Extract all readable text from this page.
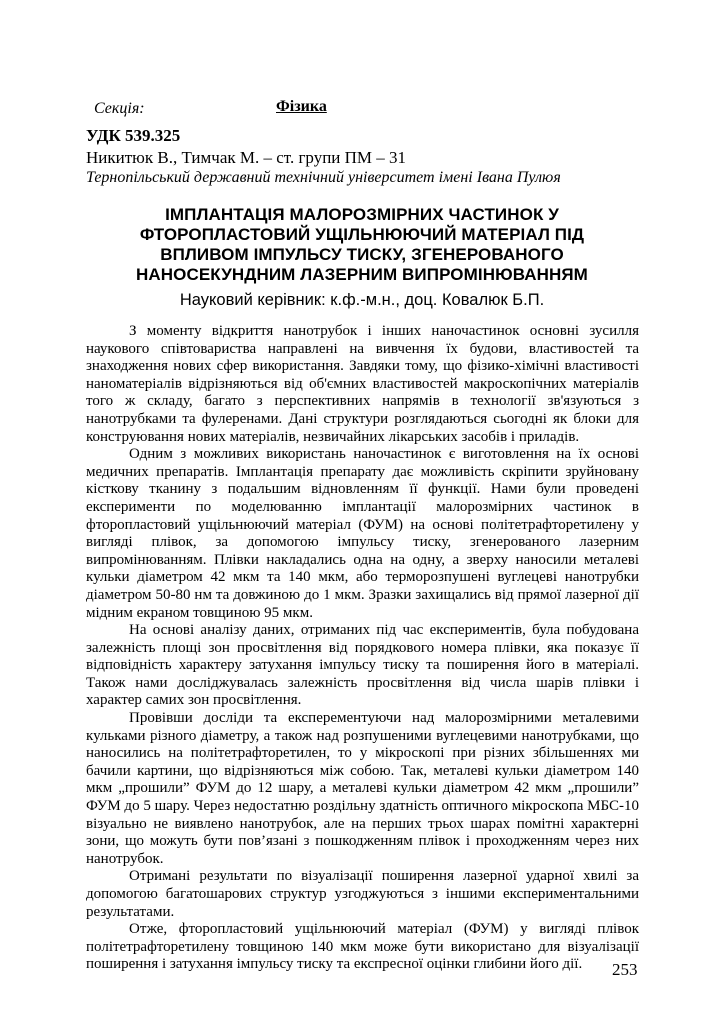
Секція:	Фізика
УДК 539.325
Никитюк В., Тимчак М. – ст. групи ПМ – 31
Тернопільський державний технічний університет імені Івана Пулюя
ІМПЛАНТАЦІЯ МАЛОРОЗМІРНИХ ЧАСТИНОК У
ФТОРОПЛАСТОВИЙ УЩІЛЬНЮЮЧИЙ МАТЕРІАЛ ПІД
ВПЛИВОМ ІМПУЛЬСУ ТИСКУ, ЗГЕНЕРОВАНОГО
НАНОСЕКУНДНИМ ЛАЗЕРНИМ ВИПРОМІНЮВАННЯМ
Науковий керівник: к.ф.-м.н., доц. Ковалюк Б.П.

З моменту відкриття нанотрубок і інших наночастинок основні зусилля наукового співтовариства направлені на вивчення їх будови, властивостей та знаходження нових сфер використання. Завдяки тому, що фізико-хімічні властивості наноматеріалів відрізняються від об'ємних властивостей макроскопічних матеріалів того ж складу, багато з перспективних напрямів в технології зв'язуються з нанотрубками та фулеренами. Дані структури розглядаються сьогодні як блоки для конструювання нових матеріалів, незвичайних лікарських засобів і приладів.

Одним з можливих використань наночастинок є виготовлення на їх основі медичних препаратів. Імплантація препарату дає можливість скріпити зруйновану кісткову тканину з подальшим відновленням її функції. Нами були проведені експерименти по моделюванню імплантації малорозмірних частинок в фторопластовий ущільнюючий матеріал (ФУМ) на основі політетрафторетилену у вигляді плівок, за допомогою імпульсу тиску, згенерованого лазерним випромінюванням. Плівки накладались одна на одну, а зверху наносили металеві кульки діаметром 42 мкм та 140 мкм, або терморозпушені вуглецеві нанотрубки діаметром 50-80 нм та довжиною до 1 мкм. Зразки захищались від прямої лазерної дії мідним екраном товщиною 95 мкм.

На основі аналізу даних, отриманих під час експериментів, була побудована залежність площі зон просвітлення від порядкового номера плівки, яка показує її відповідність характеру затухання імпульсу тиску та поширення його в матеріалі. Також нами досліджувалась залежність просвітлення від числа шарів плівки і характер самих зон просвітлення.

Провівши досліди та експерементуючи над малорозмірними металевими кульками різного діаметру, а також над розпушеними вуглецевими нанотрубками, що наносились на політетрафторетилен, то у мікроскопі при різних збільшеннях ми бачили картини, що відрізняються між собою. Так, металеві кульки діаметром 140 мкм „прошили” ФУМ до 12 шару, а металеві кульки діаметром 42 мкм „прошили” ФУМ до 5 шару. Через недостатню роздільну здатність оптичного мікроскопа МБС-10 візуально не виявлено нанотрубок, але на перших трьох шарах помітні характерні зони, що можуть бути пов’язані з пошкодженням плівок і проходженням через них нанотрубок.

Отримані результати по візуалізації поширення лазерної ударної хвилі за допомогою багатошарових структур узгоджуються з іншими експериментальними результатами.

Отже, фторопластовий ущільнюючий матеріал (ФУМ) у вигляді плівок політетрафторетилену товщиною 140 мкм може бути використано для візуалізації поширення і затухання імпульсу тиску та експресної оцінки глибини його дії.	253
